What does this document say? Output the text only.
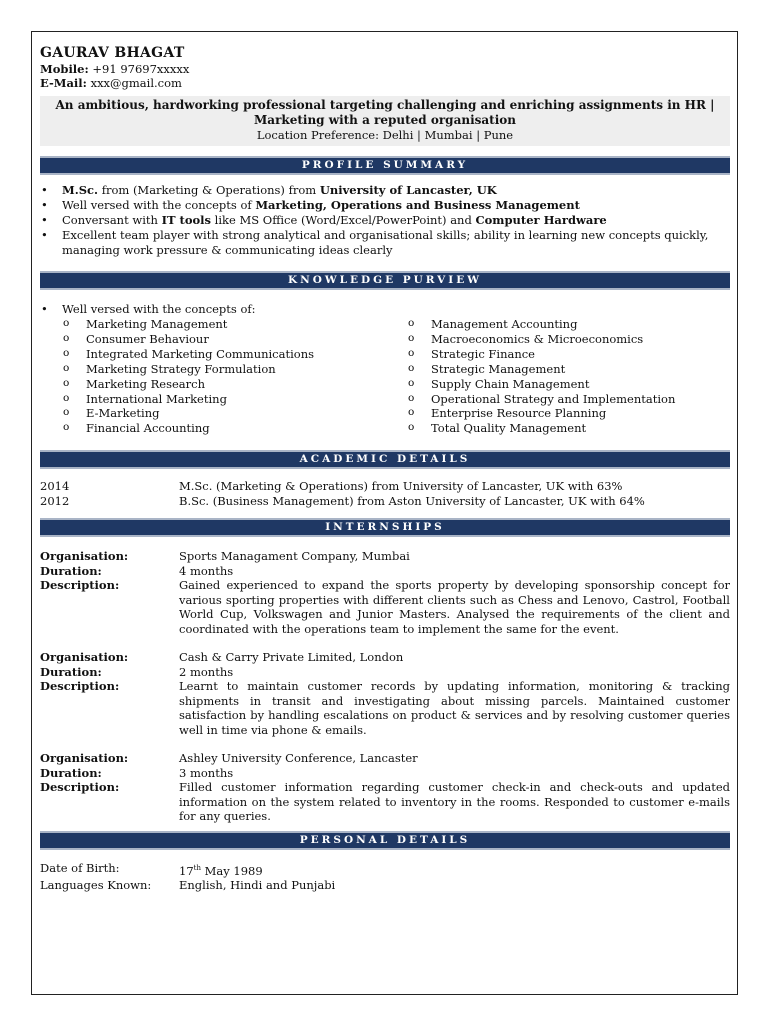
GAURAV BHAGAT
Mobile: +91 97697xxxxx
E-Mail: xxx@gmail.com
An ambitious, hardworking professional targeting challenging and enriching assignments in HR | Marketing with a reputed organisation
Location Preference: Delhi | Mumbai | Pune
PROFILE SUMMARY
• M.Sc. from (Marketing & Operations) from University of Lancaster, UK
• Well versed with the concepts of Marketing, Operations and Business Management
• Conversant with IT tools like MS Office (Word/Excel/PowerPoint) and Computer Hardware
• Excellent team player with strong analytical and organisational skills; ability in learning new concepts quickly, managing work pressure & communicating ideas clearly
KNOWLEDGE PURVIEW
• Well versed with the concepts of:
o Marketing Management
o Consumer Behaviour
o Integrated Marketing Communications
o Marketing Strategy Formulation
o Marketing Research
o International Marketing
o E-Marketing
o Financial Accounting
o Management Accounting
o Macroeconomics & Microeconomics
o Strategic Finance
o Strategic Management
o Supply Chain Management
o Operational Strategy and Implementation
o Enterprise Resource Planning
o Total Quality Management
ACADEMIC DETAILS
2014	M.Sc. (Marketing & Operations) from University of Lancaster, UK with 63%
2012	B.Sc. (Business Management) from Aston University of Lancaster, UK with 64%
INTERNSHIPS
Organisation:	Sports Managament Company, Mumbai
Duration:	4 months
Description:	Gained experienced to expand the sports property by developing sponsorship concept for various sporting properties with different clients such as Chess and Lenovo, Castrol, Football World Cup, Volkswagen and Junior Masters. Analysed the requirements of the client and coordinated with the operations team to implement the same for the event.
Organisation:	Cash & Carry Private Limited, London
Duration:	2 months
Description:	Learnt to maintain customer records by updating information, monitoring & tracking shipments in transit and investigating about missing parcels. Maintained customer satisfaction by handling escalations on product & services and by resolving customer queries well in time via phone & emails.
Organisation:	Ashley University Conference, Lancaster
Duration:	3 months
Description:	Filled customer information regarding customer check-in and check-outs and updated information on the system related to inventory in the rooms. Responded to customer e-mails for any queries.
PERSONAL DETAILS
Date of Birth:	17th May 1989
Languages Known:	English, Hindi and Punjabi
